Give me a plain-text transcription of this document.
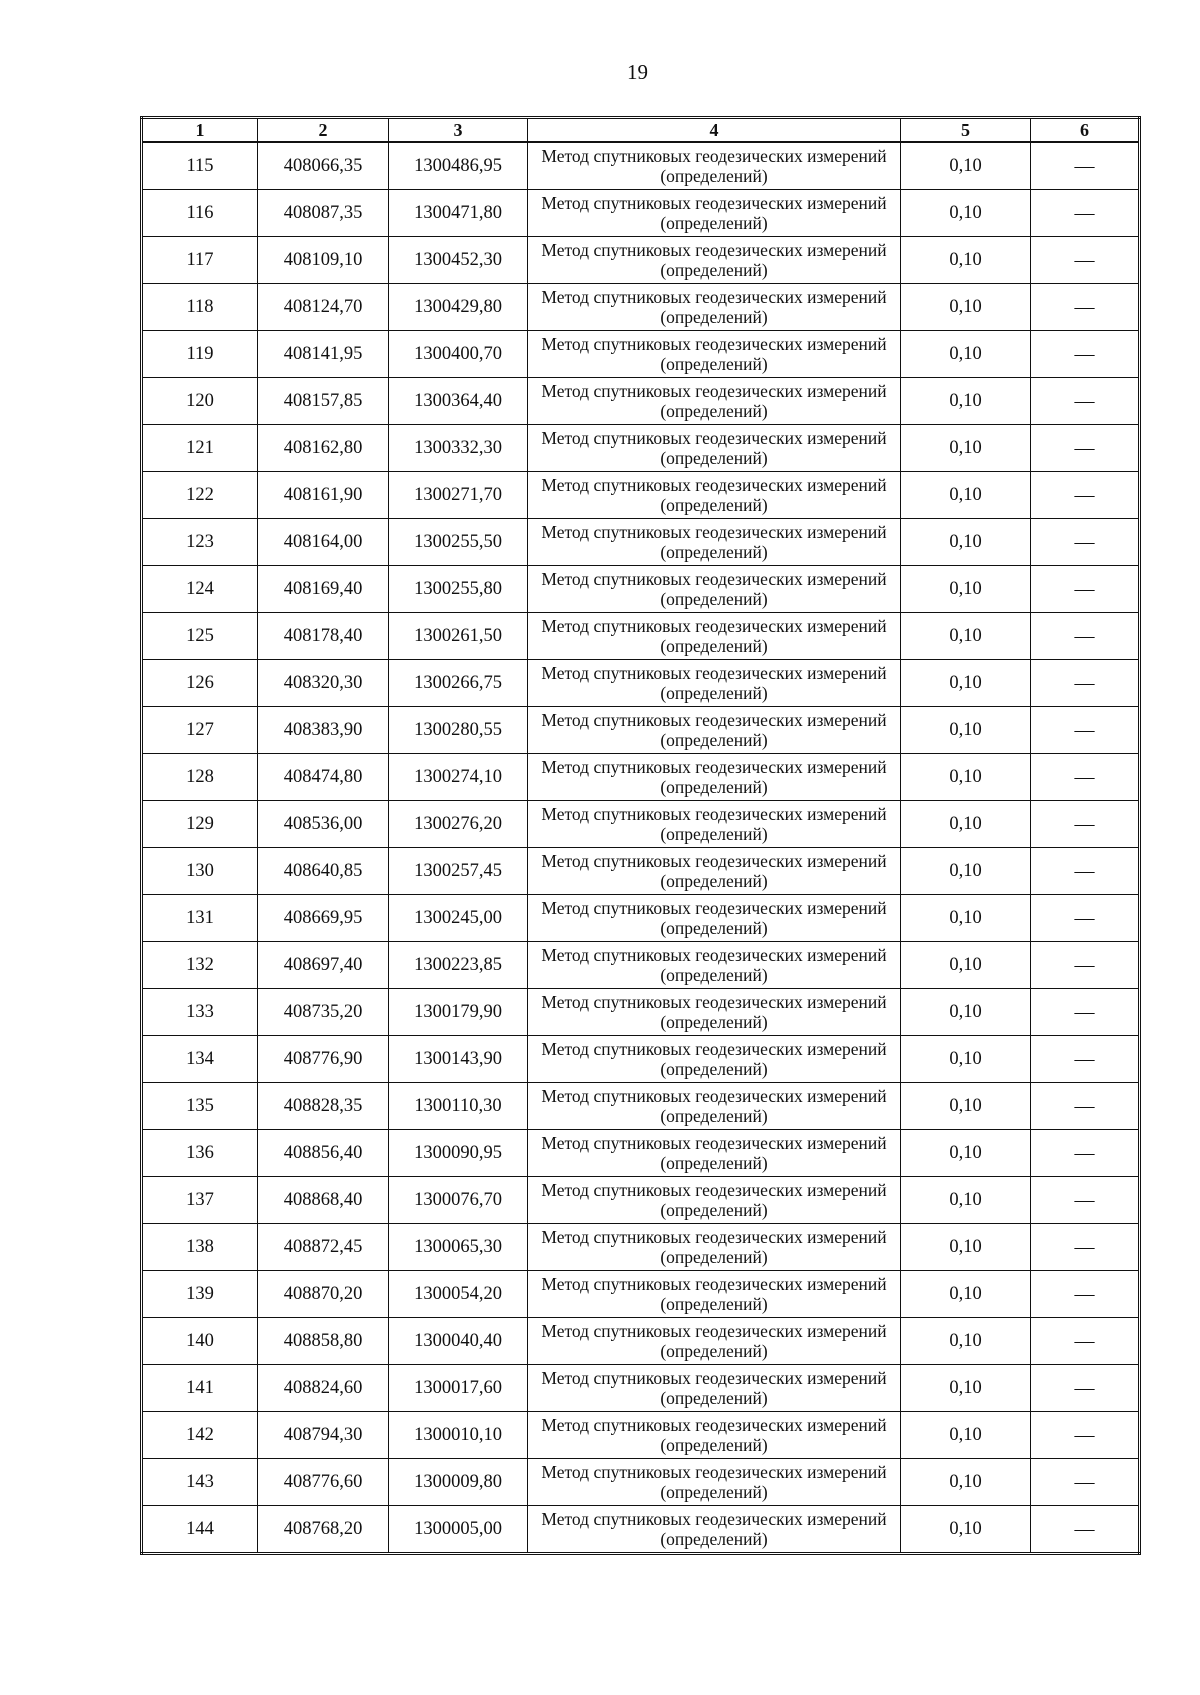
19
1	2	3	4	5	6
115	408066,35	1300486,95	Метод спутниковых геодезических измерений (определений)	0,10	—
116	408087,35	1300471,80	Метод спутниковых геодезических измерений (определений)	0,10	—
117	408109,10	1300452,30	Метод спутниковых геодезических измерений (определений)	0,10	—
118	408124,70	1300429,80	Метод спутниковых геодезических измерений (определений)	0,10	—
119	408141,95	1300400,70	Метод спутниковых геодезических измерений (определений)	0,10	—
120	408157,85	1300364,40	Метод спутниковых геодезических измерений (определений)	0,10	—
121	408162,80	1300332,30	Метод спутниковых геодезических измерений (определений)	0,10	—
122	408161,90	1300271,70	Метод спутниковых геодезических измерений (определений)	0,10	—
123	408164,00	1300255,50	Метод спутниковых геодезических измерений (определений)	0,10	—
124	408169,40	1300255,80	Метод спутниковых геодезических измерений (определений)	0,10	—
125	408178,40	1300261,50	Метод спутниковых геодезических измерений (определений)	0,10	—
126	408320,30	1300266,75	Метод спутниковых геодезических измерений (определений)	0,10	—
127	408383,90	1300280,55	Метод спутниковых геодезических измерений (определений)	0,10	—
128	408474,80	1300274,10	Метод спутниковых геодезических измерений (определений)	0,10	—
129	408536,00	1300276,20	Метод спутниковых геодезических измерений (определений)	0,10	—
130	408640,85	1300257,45	Метод спутниковых геодезических измерений (определений)	0,10	—
131	408669,95	1300245,00	Метод спутниковых геодезических измерений (определений)	0,10	—
132	408697,40	1300223,85	Метод спутниковых геодезических измерений (определений)	0,10	—
133	408735,20	1300179,90	Метод спутниковых геодезических измерений (определений)	0,10	—
134	408776,90	1300143,90	Метод спутниковых геодезических измерений (определений)	0,10	—
135	408828,35	1300110,30	Метод спутниковых геодезических измерений (определений)	0,10	—
136	408856,40	1300090,95	Метод спутниковых геодезических измерений (определений)	0,10	—
137	408868,40	1300076,70	Метод спутниковых геодезических измерений (определений)	0,10	—
138	408872,45	1300065,30	Метод спутниковых геодезических измерений (определений)	0,10	—
139	408870,20	1300054,20	Метод спутниковых геодезических измерений (определений)	0,10	—
140	408858,80	1300040,40	Метод спутниковых геодезических измерений (определений)	0,10	—
141	408824,60	1300017,60	Метод спутниковых геодезических измерений (определений)	0,10	—
142	408794,30	1300010,10	Метод спутниковых геодезических измерений (определений)	0,10	—
143	408776,60	1300009,80	Метод спутниковых геодезических измерений (определений)	0,10	—
144	408768,20	1300005,00	Метод спутниковых геодезических измерений (определений)	0,10	—
